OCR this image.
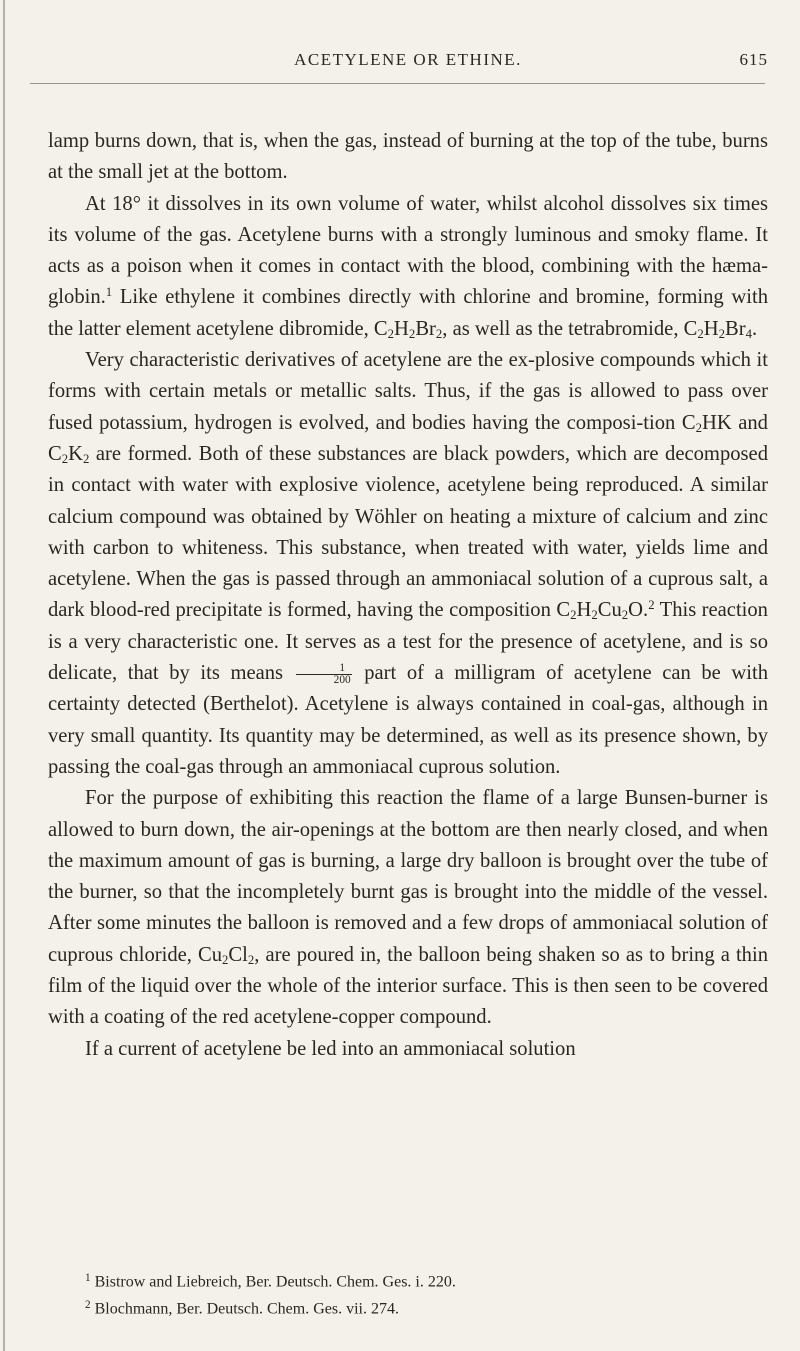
ACETYLENE OR ETHINE.	615

lamp burns down, that is, when the gas, instead of burning at the top of the tube, burns at the small jet at the bottom.

At 18° it dissolves in its own volume of water, whilst alcohol dissolves six times its volume of the gas. Acetylene burns with a strongly luminous and smoky flame. It acts as a poison when it comes in contact with the blood, combining with the hæma-globin.$^1$ Like ethylene it combines directly with chlorine and bromine, forming with the latter element acetylene dibromide, $C_2H_2Br_2$, as well as the tetrabromide, $C_2H_2Br_4$.

Very characteristic derivatives of acetylene are the ex-plosive compounds which it forms with certain metals or metallic salts. Thus, if the gas is allowed to pass over fused potassium, hydrogen is evolved, and bodies having the composi-tion $C_2HK$ and $C_2K_2$ are formed. Both of these substances are black powders, which are decomposed in contact with water with explosive violence, acetylene being reproduced. A similar calcium compound was obtained by Wöhler on heating a mixture of calcium and zinc with carbon to whiteness. This substance, when treated with water, yields lime and acetylene. When the gas is passed through an ammoniacal solution of a cuprous salt, a dark blood-red precipitate is formed, having the composition $C_2H_2Cu_2O.^2$ This reaction is a very characteristic one. It serves as a test for the presence of acetylene, and is so delicate, that by its means $\frac{1}{200}$ part of a milligram of acetylene can be with certainty detected (Berthelot). Acetylene is always contained in coal-gas, although in very small quantity. Its quantity may be determined, as well as its presence shown, by passing the coal-gas through an ammoniacal cuprous solution.

For the purpose of exhibiting this reaction the flame of a large Bunsen-burner is allowed to burn down, the air-openings at the bottom are then nearly closed, and when the maximum amount of gas is burning, a large dry balloon is brought over the tube of the burner, so that the incompletely burnt gas is brought into the middle of the vessel. After some minutes the balloon is removed and a few drops of ammoniacal solution of cuprous chloride, $Cu_2Cl_2$, are poured in, the balloon being shaken so as to bring a thin film of the liquid over the whole of the interior surface. This is then seen to be covered with a coating of the red acetylene-copper compound.

If a current of acetylene be led into an ammoniacal solution

$^1$ Bistrow and Liebreich, Ber. Deutsch. Chem. Ges. i. 220.

$^2$ Blochmann, Ber. Deutsch. Chem. Ges. vii. 274.
